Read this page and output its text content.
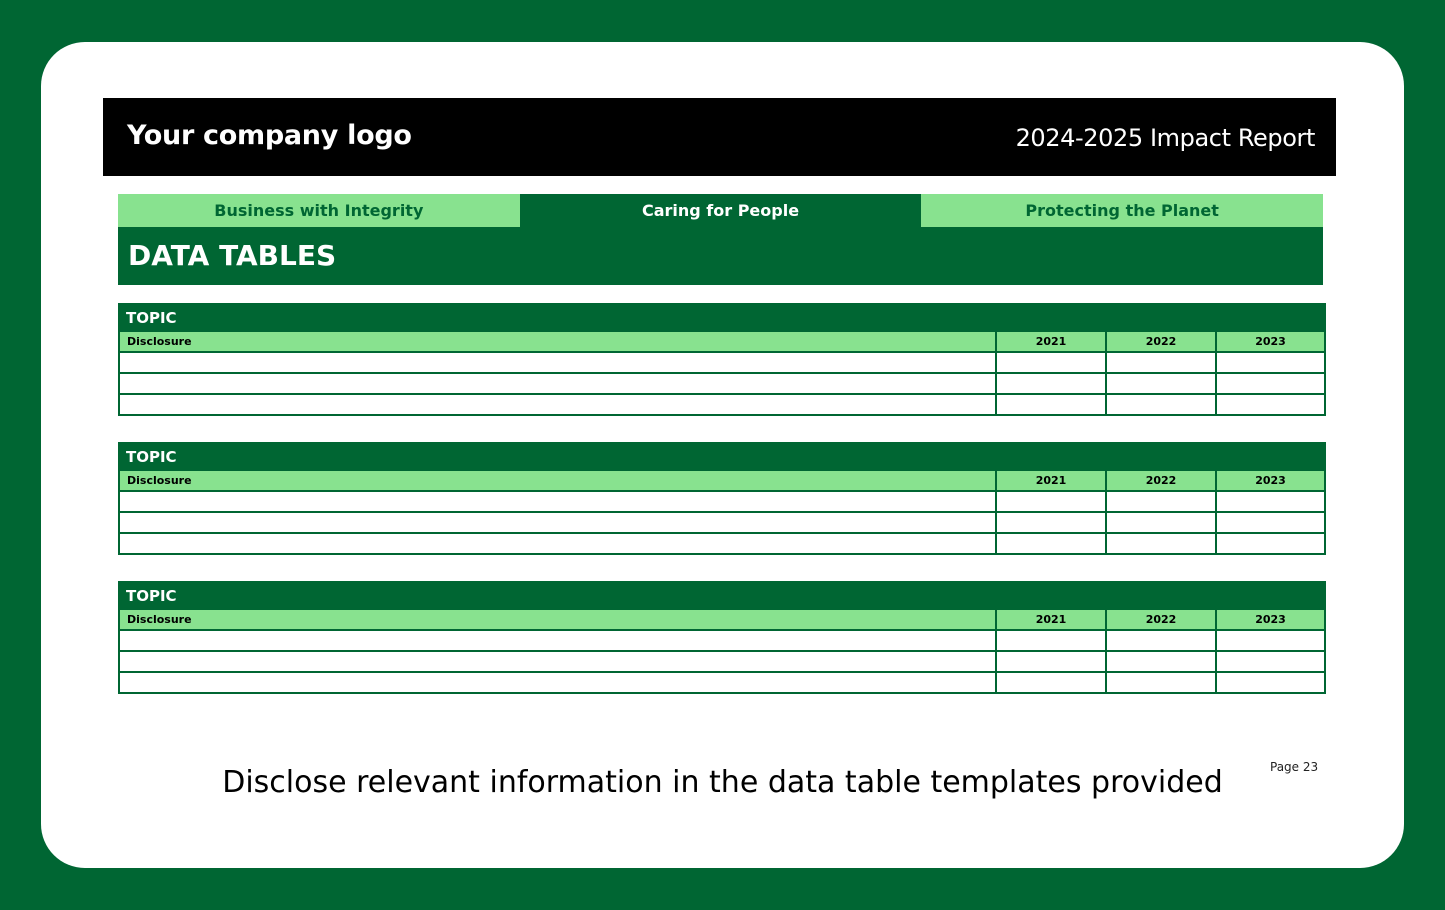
Your company logo	2024-2025 Impact Report
Business with Integrity	Caring for People	Protecting the Planet
DATA TABLES
TOPIC			
Disclosure	2021	2022	2023

TOPIC			
Disclosure	2021	2022	2023

TOPIC			
Disclosure	2021	2022	2023

Disclose relevant information in the data table templates provided	Page 23
